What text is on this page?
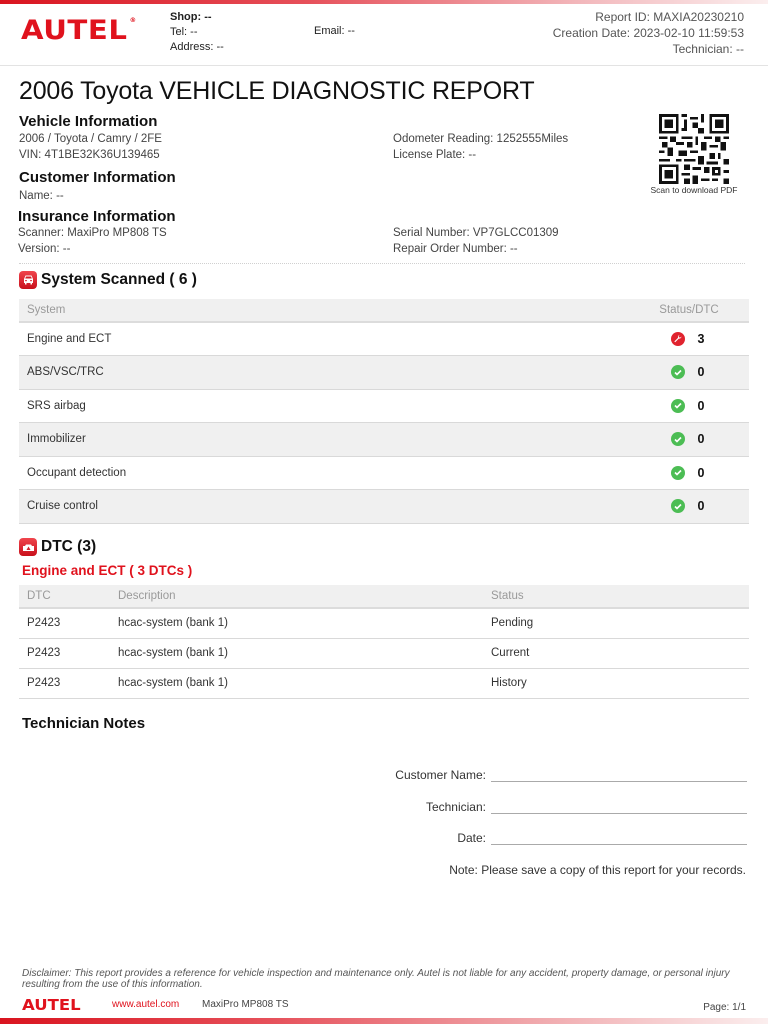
AUTEL ®	Shop: --
Tel: --
Address: --
Email: --
Report ID: MAXIA20230210
Creation Date: 2023-02-10 11:59:53
Technician: --
2006 Toyota VEHICLE DIAGNOSTIC REPORT
Vehicle Information
2006 / Toyota / Camry / 2FE
VIN: 4T1BE32K36U139465
Odometer Reading: 1252555Miles
License Plate: --
Customer Information
Name: --
Insurance Information
Scanner: MaxiPro MP808 TS
Version: --
Serial Number: VP7GLCC01309
Repair Order Number: --
Scan to download PDF
System Scanned ( 6 )
System	Status/DTC
Engine and ECT	3

ABS/VSC/TRC	0

SRS airbag	0

Immobilizer	0

Occupant detection	0

Cruise control	0
DTC (3)
Engine and ECT ( 3 DTCs )
DTC	Description	Status
P2423	hcac-system (bank 1)	Pending
P2423	hcac-system (bank 1)	Current
P2423	hcac-system (bank 1)	History
Technician Notes
Customer Name:
Technician:
Date:
Note: Please save a copy of this report for your records.
Disclaimer: This report provides a reference for vehicle inspection and maintenance only. Autel is not liable for any accident, property damage, or personal injury resulting from the use of this information.
AUTEL	www.autel.com MaxiPro MP808 TS	Page: 1/1
